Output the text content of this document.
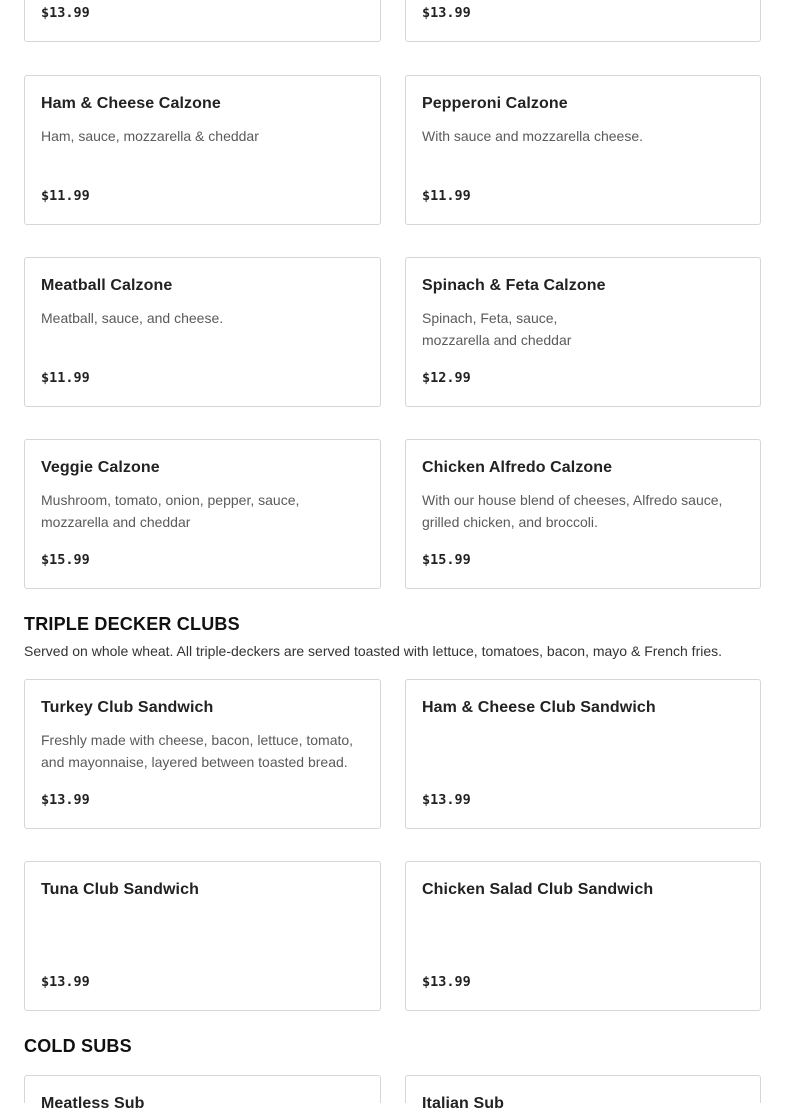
$13.99	$13.99
Ham & Cheese Calzone
Ham, sauce, mozzarella & cheddar
$11.99
Pepperoni Calzone
With sauce and mozzarella cheese.
$11.99
Meatball Calzone
Meatball, sauce, and cheese.
$11.99
Spinach & Feta Calzone
Spinach, Feta, sauce, mozzarella and cheddar
$12.99
Veggie Calzone
Mushroom, tomato, onion, pepper, sauce, mozzarella and cheddar
$15.99
Chicken Alfredo Calzone
With our house blend of cheeses, Alfredo sauce, grilled chicken, and broccoli.
$15.99
TRIPLE DECKER CLUBS
Served on whole wheat. All triple-deckers are served toasted with lettuce, tomatoes, bacon, mayo & French fries.
Turkey Club Sandwich
Freshly made with cheese, bacon, lettuce, tomato, and mayonnaise, layered between toasted bread.
$13.99
Ham & Cheese Club Sandwich
$13.99
Tuna Club Sandwich
$13.99
Chicken Salad Club Sandwich
$13.99
COLD SUBS
Meatless Sub	Italian Sub
